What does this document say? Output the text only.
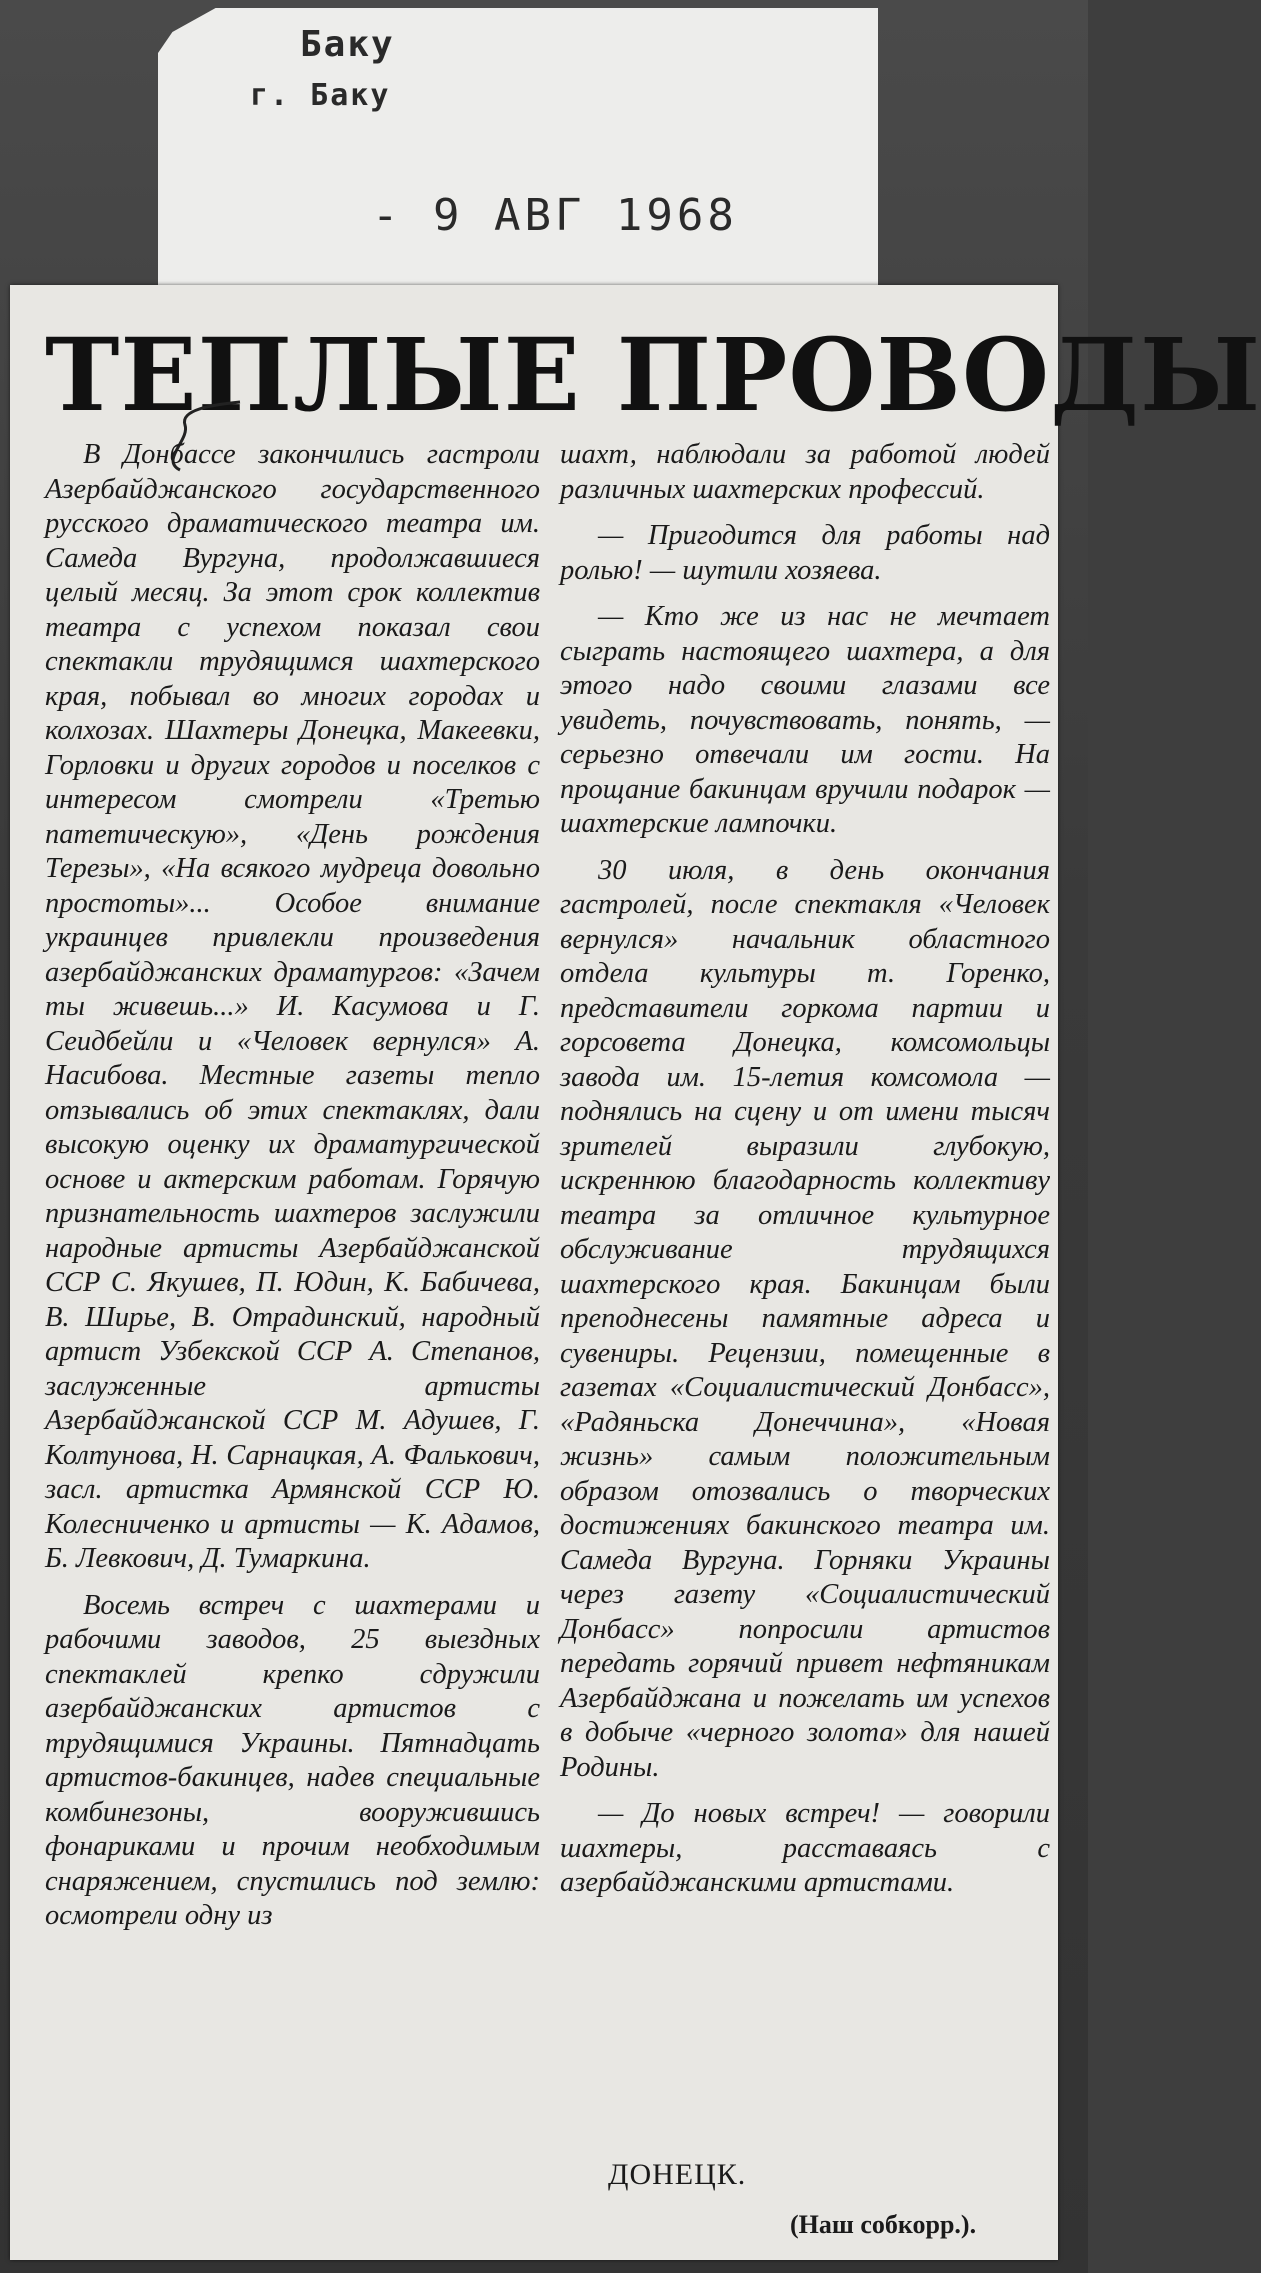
Баку
г. Баку
- 9 АВГ 1968
ТЕПЛЫЕ ПРОВОДЫ

В Донбассе закончились гастроли Азербайджанского государственного русского драматического театра им. Самеда Вургуна, продолжавшиеся целый месяц. За этот срок коллектив театра с успехом показал свои спектакли трудящимся шахтерского края, побывал во многих городах и колхозах. Шахтеры Донецка, Макеевки, Горловки и других городов и поселков с интересом смотрели «Третью патетическую», «День рождения Терезы», «На всякого мудреца довольно простоты»... Особое внимание украинцев привлекли произведения азербайджанских драматургов: «Зачем ты живешь...» И. Касумова и Г. Сеидбейли и «Человек вернулся» А. Насибова. Местные газеты тепло отзывались об этих спектаклях, дали высокую оценку их драматургической основе и актерским работам. Горячую признательность шахтеров заслужили народные артисты Азербайджанской ССР С. Якушев, П. Юдин, К. Бабичева, В. Ширье, В. Отрадинский, народный артист Узбекской ССР А. Степанов, заслуженные артисты Азербайджанской ССР М. Адушев, Г. Колтунова, Н. Сарнацкая, А. Фалькович, засл. артистка Армянской ССР Ю. Колесниченко и артисты — К. Адамов, Б. Левкович, Д. Тумаркина.

Восемь встреч с шахтерами и рабочими заводов, 25 выездных спектаклей крепко сдружили азербайджанских артистов с трудящимися Украины. Пятнадцать артистов-бакинцев, надев специальные комбинезоны, вооружившись фонариками и прочим необходимым снаряжением, спустились под землю: осмотрели одну из

шахт, наблюдали за работой людей различных шахтерских профессий.

— Пригодится для работы над ролью! — шутили хозяева.

— Кто же из нас не мечтает сыграть настоящего шахтера, а для этого надо своими глазами все увидеть, почувствовать, понять, — серьезно отвечали им гости. На прощание бакинцам вручили подарок — шахтерские лампочки.

30 июля, в день окончания гастролей, после спектакля «Человек вернулся» начальник областного отдела культуры т. Горенко, представители горкома партии и горсовета Донецка, комсомольцы завода им. 15-летия комсомола — поднялись на сцену и от имени тысяч зрителей выразили глубокую, искреннюю благодарность коллективу театра за отличное культурное обслуживание трудящихся шахтерского края. Бакинцам были преподнесены памятные адреса и сувениры. Рецензии, помещенные в газетах «Социалистический Донбасс», «Радяньска Донеччина», «Новая жизнь» самым положительным образом отозвались о творческих достижениях бакинского театра им. Самеда Вургуна. Горняки Украины через газету «Социалистический Донбасс» попросили артистов передать горячий привет нефтяникам Азербайджана и пожелать им успехов в добыче «черного золота» для нашей Родины.

— До новых встреч! — говорили шахтеры, расставаясь с азербайджанскими артистами.

ДОНЕЦК.
(Наш собкорр.).
